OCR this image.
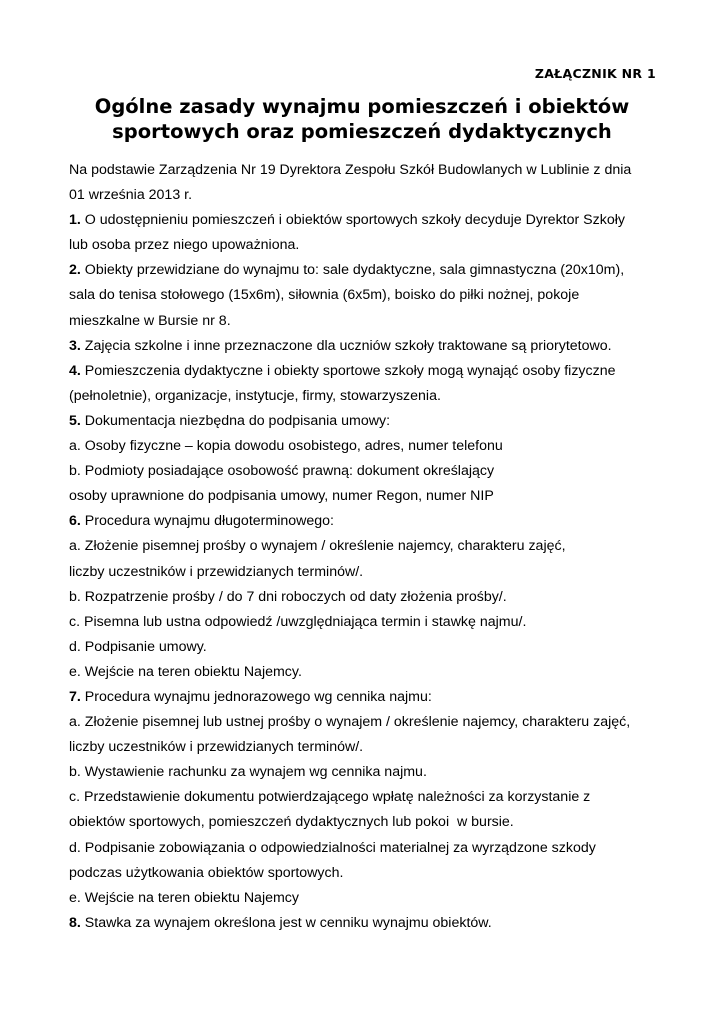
ZAŁĄCZNIK NR 1

Ogólne zasady wynajmu pomieszczeń i obiektów
sportowych oraz pomieszczeń dydaktycznych
Na podstawie Zarządzenia Nr 19 Dyrektora Zespołu Szkół Budowlanych w Lublinie z dnia
01 września 2013 r.
1. O udostępnieniu pomieszczeń i obiektów sportowych szkoły decyduje Dyrektor Szkoły
lub osoba przez niego upoważniona.
2. Obiekty przewidziane do wynajmu to: sale dydaktyczne, sala gimnastyczna (20x10m),
sala do tenisa stołowego (15x6m), siłownia (6x5m), boisko do piłki nożnej, pokoje
mieszkalne w Bursie nr 8.
3. Zajęcia szkolne i inne przeznaczone dla uczniów szkoły traktowane są priorytetowo.
4. Pomieszczenia dydaktyczne i obiekty sportowe szkoły mogą wynająć osoby fizyczne
(pełnoletnie), organizacje, instytucje, firmy, stowarzyszenia.
5. Dokumentacja niezbędna do podpisania umowy:
a. Osoby fizyczne – kopia dowodu osobistego, adres, numer telefonu
b. Podmioty posiadające osobowość prawną: dokument określający
osoby uprawnione do podpisania umowy, numer Regon, numer NIP
6. Procedura wynajmu długoterminowego:
a. Złożenie pisemnej prośby o wynajem / określenie najemcy, charakteru zajęć,
liczby uczestników i przewidzianych terminów/.
b. Rozpatrzenie prośby / do 7 dni roboczych od daty złożenia prośby/.
c. Pisemna lub ustna odpowiedź /uwzględniająca termin i stawkę najmu/.
d. Podpisanie umowy.
e. Wejście na teren obiektu Najemcy.
7. Procedura wynajmu jednorazowego wg cennika najmu:
a. Złożenie pisemnej lub ustnej prośby o wynajem / określenie najemcy, charakteru zajęć,
liczby uczestników i przewidzianych terminów/.
b. Wystawienie rachunku za wynajem wg cennika najmu.
c. Przedstawienie dokumentu potwierdzającego wpłatę należności za korzystanie z
obiektów sportowych, pomieszczeń dydaktycznych lub pokoi  w bursie.
d. Podpisanie zobowiązania o odpowiedzialności materialnej za wyrządzone szkody
podczas użytkowania obiektów sportowych.
e. Wejście na teren obiektu Najemcy
8. Stawka za wynajem określona jest w cenniku wynajmu obiektów.
